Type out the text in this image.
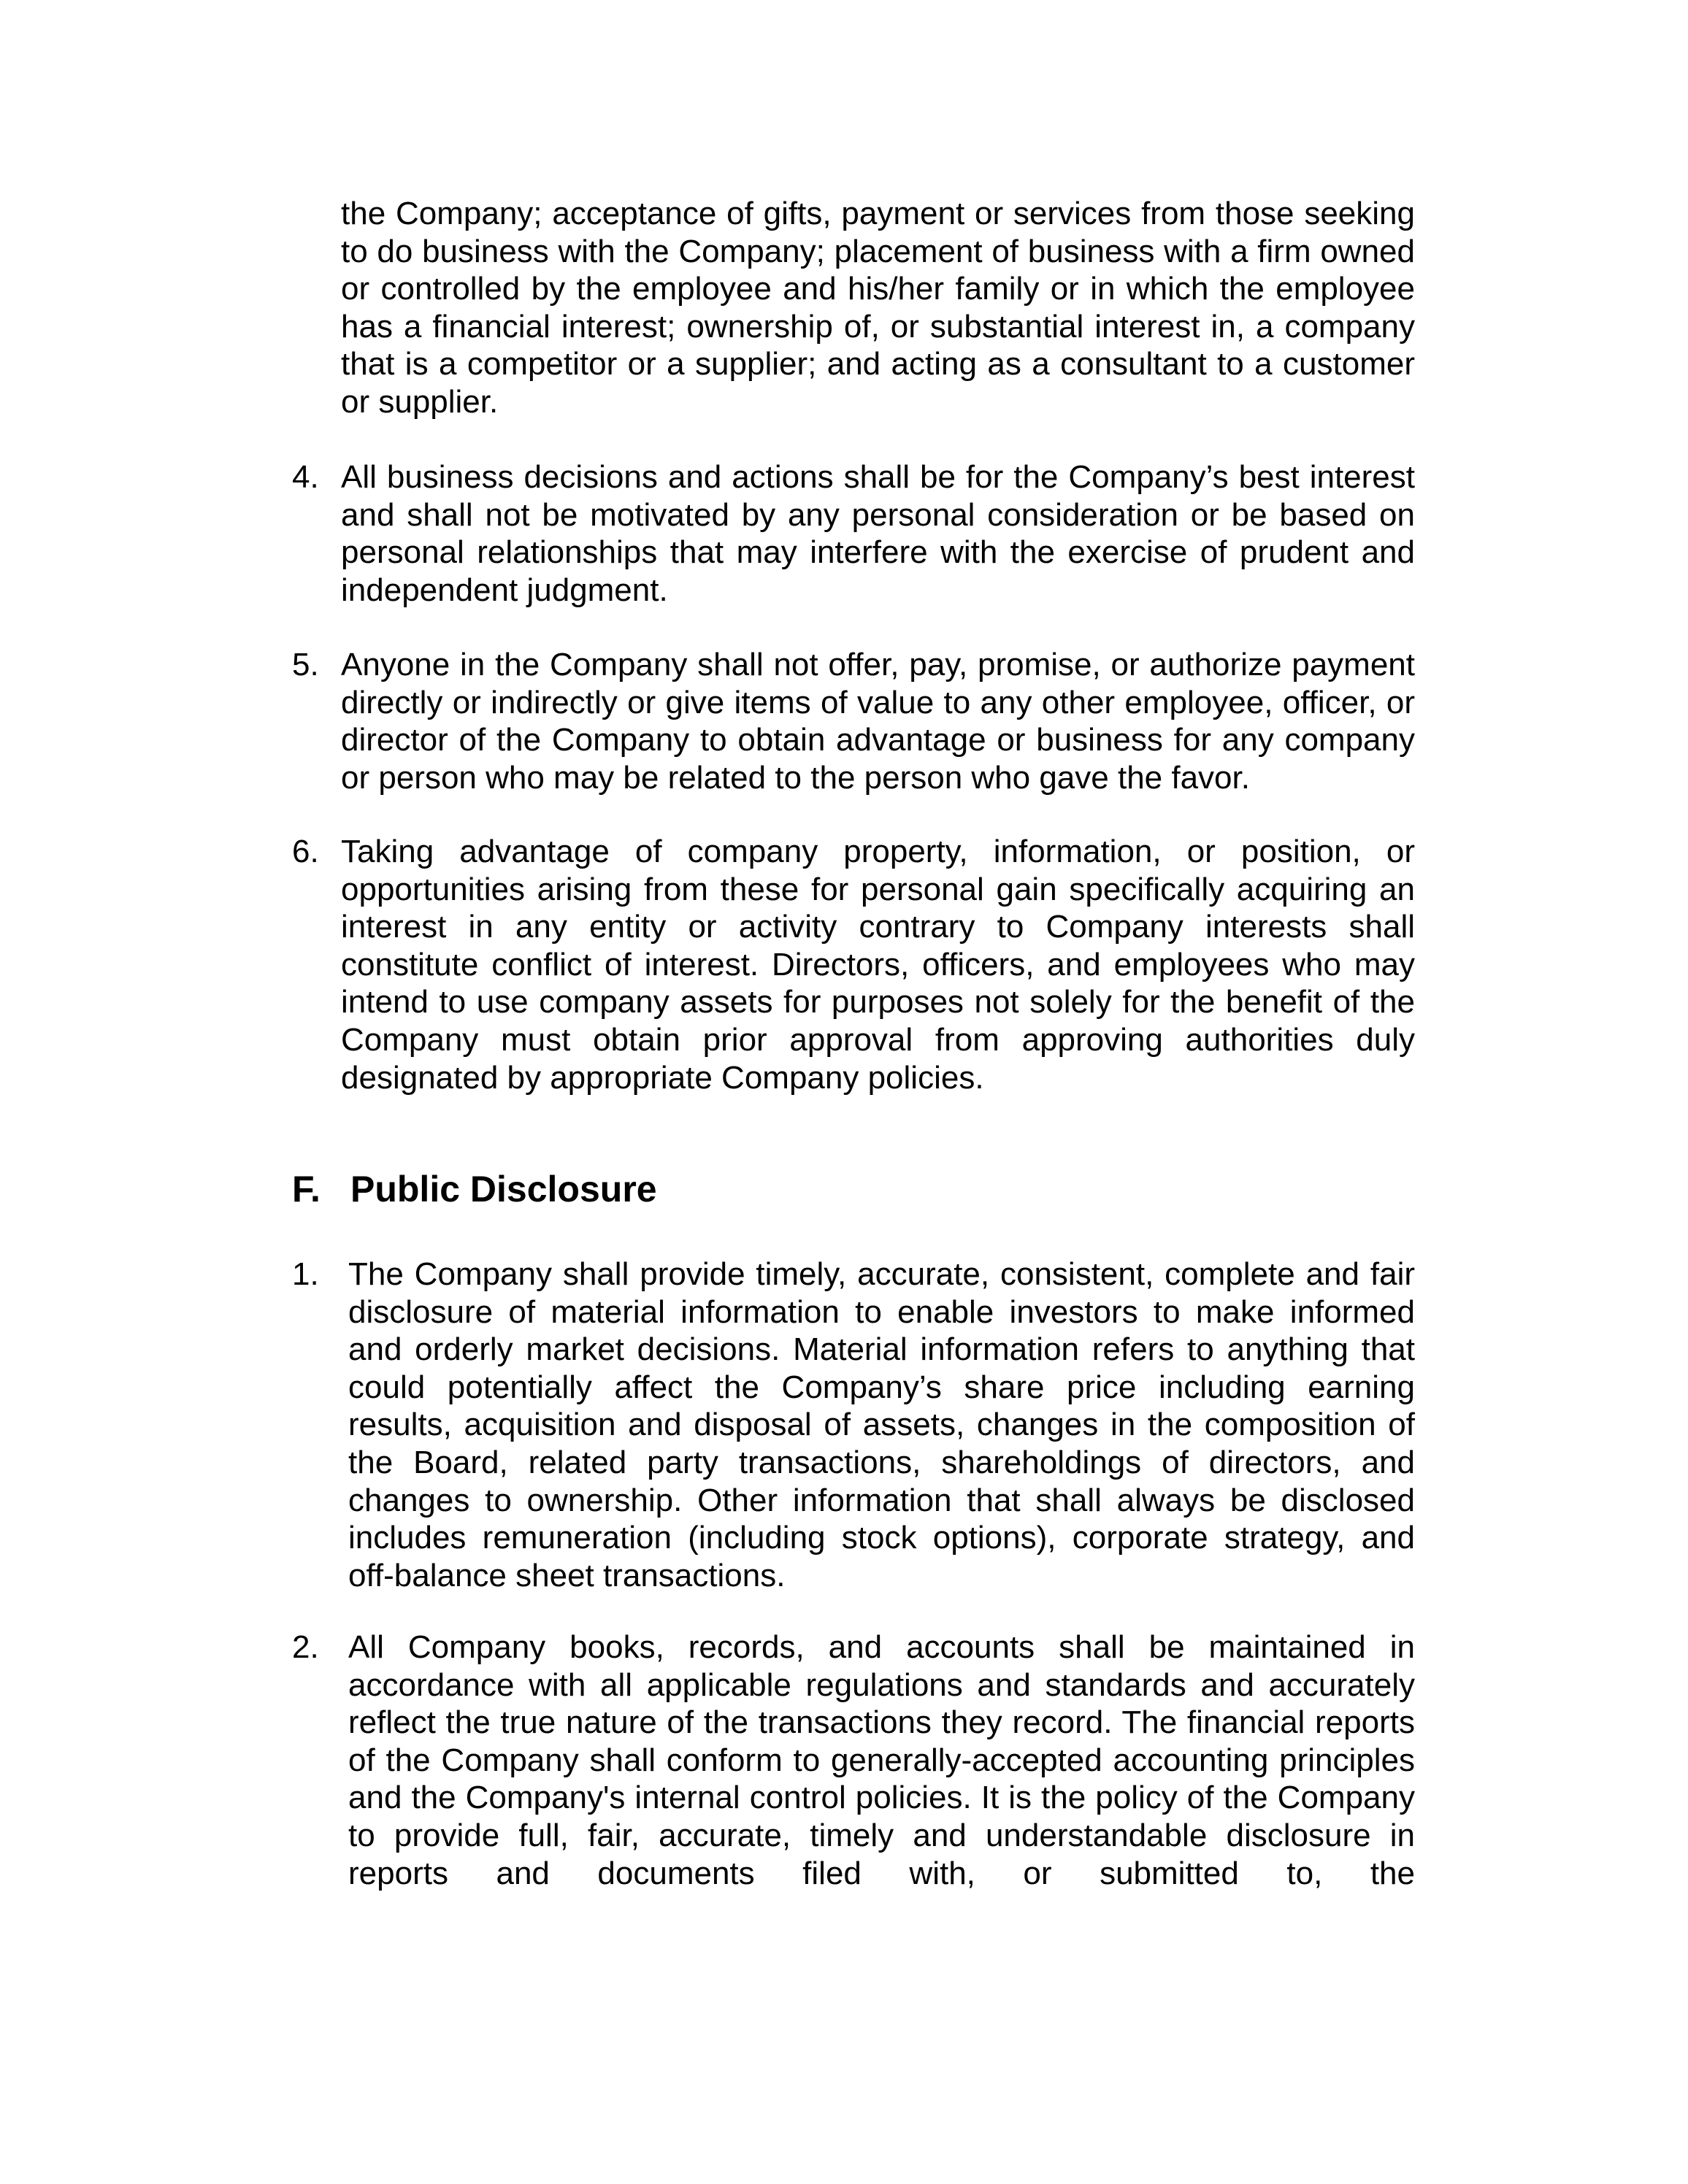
the Company; acceptance of gifts, payment or services from those seeking to do business with the Company; placement of business with a firm owned or controlled by the employee and his/her family or in which the employee has a financial interest; ownership of, or substantial interest in, a company that is a competitor or a supplier; and acting as a consultant to a customer or supplier.

4. All business decisions and actions shall be for the Company’s best interest and shall not be motivated by any personal consideration or be based on personal relationships that may interfere with the exercise of prudent and independent judgment.

5. Anyone in the Company shall not offer, pay, promise, or authorize payment directly or indirectly or give items of value to any other employee, officer, or director of the Company to obtain advantage or business for any company or person who may be related to the person who gave the favor.

6. Taking advantage of company property, information, or position, or opportunities arising from these for personal gain specifically acquiring an interest in any entity or activity contrary to Company interests shall constitute conflict of interest. Directors, officers, and employees who may intend to use company assets for purposes not solely for the benefit of the Company must obtain prior approval from approving authorities duly designated by appropriate Company policies.

F. Public Disclosure
1. The Company shall provide timely, accurate, consistent, complete and fair disclosure of material information to enable investors to make informed and orderly market decisions. Material information refers to anything that could potentially affect the Company’s share price including earning results, acquisition and disposal of assets, changes in the composition of the Board, related party transactions, shareholdings of directors, and changes to ownership. Other information that shall always be disclosed includes remuneration (including stock options), corporate strategy, and off-balance sheet transactions.

2. All Company books, records, and accounts shall be maintained in accordance with all applicable regulations and standards and accurately reflect the true nature of the transactions they record. The financial reports of the Company shall conform to generally-accepted accounting principles and the Company's internal control policies. It is the policy of the Company to provide full, fair, accurate, timely and understandable disclosure in reports and documents filed with, or submitted to, the
